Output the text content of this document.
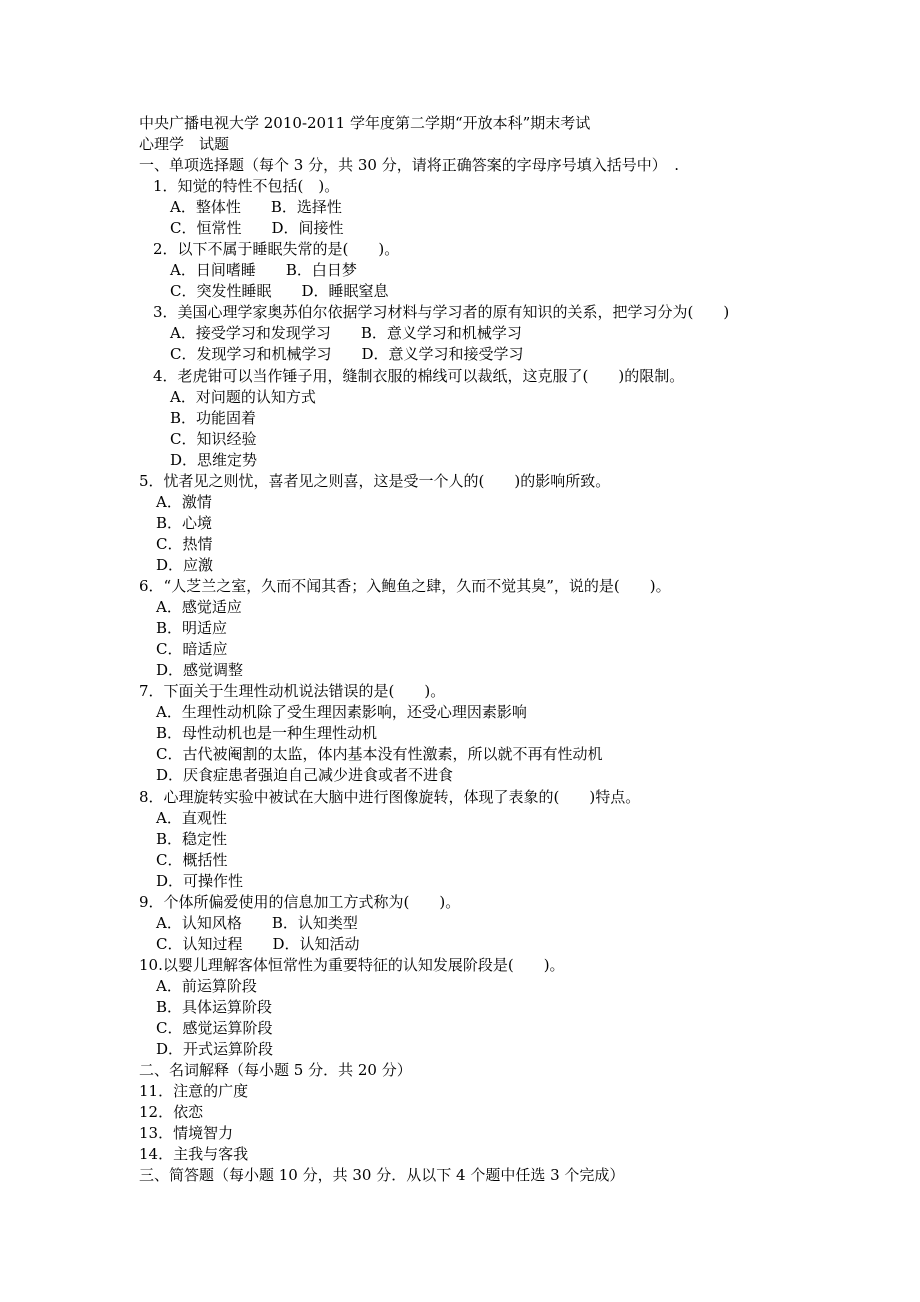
中央广播电视大学 2010-2011 学年度第二学期“开放本科”期末考试
心理学　试题
一、单项选择题（每个 3 分，共 30 分，请将正确答案的字母序号填入括号中）　.
1．知觉的特性不包括(　)。
A．整体性　　B．选择性
C．恒常性　　D．间接性
2．以下不属于睡眠失常的是(　　)。
A．日间嗜睡　　B．白日梦
C．突发性睡眠　　D．睡眠窒息
3．美国心理学家奥苏伯尔依据学习材料与学习者的原有知识的关系，把学习分为(　　)
A．接受学习和发现学习　　B．意义学习和机械学习
C．发现学习和机械学习　　D．意义学习和接受学习
4．老虎钳可以当作锤子用，缝制衣服的棉线可以裁纸，这克服了(　　)的限制。
A．对问题的认知方式
B．功能固着
C．知识经验
D．思维定势
5．忧者见之则忧，喜者见之则喜，这是受一个人的(　　)的影响所致。
A．激情
B．心境
C．热情
D．应激
6．“人芝兰之室，久而不闻其香；入鲍鱼之肆，久而不觉其臭”，说的是(　　)。
A．感觉适应
B．明适应
C．暗适应
D．感觉调整
7．下面关于生理性动机说法错误的是(　　)。
A．生理性动机除了受生理因素影响，还受心理因素影响
B．母性动机也是一种生理性动机
C．古代被阉割的太监，体内基本没有性激素，所以就不再有性动机
D．厌食症患者强迫自己减少进食或者不进食
8．心理旋转实验中被试在大脑中进行图像旋转，体现了表象的(　　)特点。
A．直观性
B．稳定性
C．概括性
D．可操作性
9．个体所偏爱使用的信息加工方式称为(　　)。
A．认知风格　　B．认知类型
C．认知过程　　D．认知活动
10.以婴儿理解客体恒常性为重要特征的认知发展阶段是(　　)。
A．前运算阶段
B．具体运算阶段
C．感觉运算阶段
D．开式运算阶段
二、名词解释（每小题 5 分．共 20 分）
11．注意的广度
12．依恋
13．情境智力
14．主我与客我
三、简答题（每小题 10 分，共 30 分．从以下 4 个题中任选 3 个完成）
